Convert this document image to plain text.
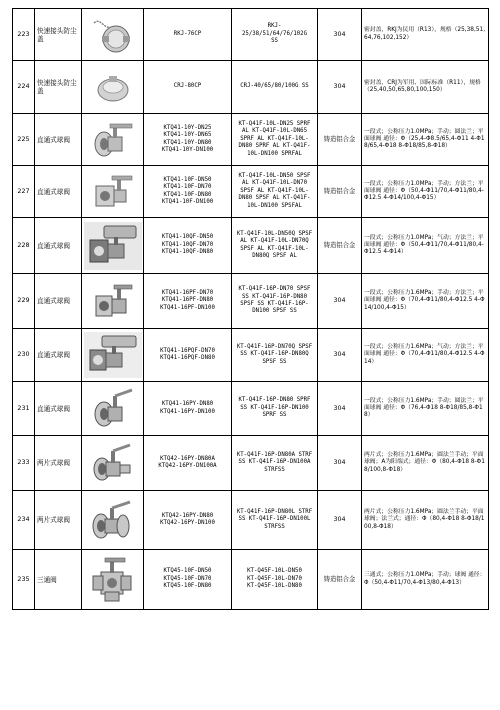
223	快速接头防尘盖		RKJ-76CP	RKJ-
25/38/51/64/76/102G
SS	304	密封盖，RKJ为民用（R13），规格（25,38,51,64,76,102,152）
224	快速接头防尘盖		CRJ-80CP	CRJ-40/65/80/100G SS	304	密封盖，CRJ为军用、国际标准（R11），规格（25,40,50,65,80,100,150）
225	直通式球阀		KTQ41-10Y-DN25
KTQ41-10Y-DN65
KTQ41-10Y-DN80
KTQ41-10Y-DN100	KT-Q41F-10L-DN25 SPRF AL KT-Q41F-10L-DN65 SPRF AL KT-Q41F-10L-DN80 SPRF AL KT-Q41F-10L-DN100 SPRFAL	铸造铝合金	一段式；公称压力1.0MPa；手动；圆法兰；平面球阀 通径：Φ（25,4-Φ8.5/65,4-Φ11 4-Φ18/65,4-Φ18 8-Φ18/85,8-Φ18）
227	直通式球阀		KTQ41-10F-DN50
KTQ41-10F-DN70
KTQ41-10F-DN80
KTQ41-10F-DN100	KT-Q41F-10L-DN50 SPSF AL KT-Q41F-10L-DN70 SPSF AL KT-Q41F-10L-DN80 SPSF AL KT-Q41F-10L-DN100 SPSFAL	铸造铝合金	一段式；公称压力1.0MPa；手动；方法兰；平面球阀 通径：Φ（50,4-Φ11/70,4-Φ11/80,4-Φ12.5 4-Φ14/100,4-Φ15）
228	直通式球阀		KTQ41-10QF-DN50
KTQ41-10QF-DN70
KTQ41-10QF-DN80	KT-Q41F-10L-DN50Q SPSF AL KT-Q41F-10L-DN70Q SPSF AL KT-Q41F-10L-DN80Q SPSF AL	铸造铝合金	一段式；公称压力1.0MPa；气动；方法兰；平面球阀 通径：Φ（50,4-Φ11/70,4-Φ11/80,4-Φ12.5 4-Φ14）
229	直通式球阀		KTQ41-16PF-DN70
KTQ41-16PF-DN80
KTQ41-16PF-DN100	KT-Q41F-16P-DN70 SPSF SS KT-Q41F-16P-DN80 SPSF SS KT-Q41F-16P-DN100 SPSF SS	304	一段式；公称压力1.6MPa；手动；方法兰；平面球阀 通径：Φ（70,4-Φ11/80,4-Φ12.5 4-Φ14/100,4-Φ15）
230	直通式球阀		KTQ41-16PQF-DN70
KTQ41-16PQF-DN80	KT-Q41F-16P-DN70Q SPSF SS KT-Q41F-16P-DN80Q SPSF SS	304	一段式；公称压力1.6MPa；气动；方法兰；平面球阀 通径：Φ（70,4-Φ11/80,4-Φ12.5 4-Φ14）
231	直通式球阀		KTQ41-16PY-DN80
KTQ41-16PY-DN100	KT-Q41F-16P-DN80 SPRF SS KT-Q41F-16P-DN100 SPRF SS	304	一段式；公称压力1.6MPa；手动；圆法兰；平面球阀 通径：Φ（76,4-Φ18 8-Φ18/85,8-Φ18）
233	两片式球阀		KTQ42-16PY-DN80A
KTQ42-16PY-DN100A	KT-Q41F-16P-DN80A STRF SS KT-Q41F-16P-DN100A STRFSS	304	两片式；公称压力1.6MPa；圆法兰手动；平面球阀；A为阳端式；通径：Φ（80,4-Φ18 8-Φ18/100,8-Φ18）
234	两片式球阀		KTQ42-16PY-DN80
KTQ42-16PY-DN100	KT-Q41F-16P-DN80L STRF SS KT-Q41F-16P-DN100L STRFSS	304	两片式；公称压力1.6MPa；圆法兰手动；平面球阀；法兰式；通径：Φ（80,4-Φ18 8-Φ18/100,8-Φ18）
235	三通阀		KTQ45-10F-DN50
KTQ45-10F-DN70
KTQ45-10F-DN80	KT-Q45F-10L-DN50
KT-Q45F-10L-DN70
KT-Q45F-10L-DN80	铸造铝合金	三通式；公称压力1.0MPa；手动；球阀 通径：Φ（50,4-Φ11/70,4-Φ13/80,4-Φ13）
